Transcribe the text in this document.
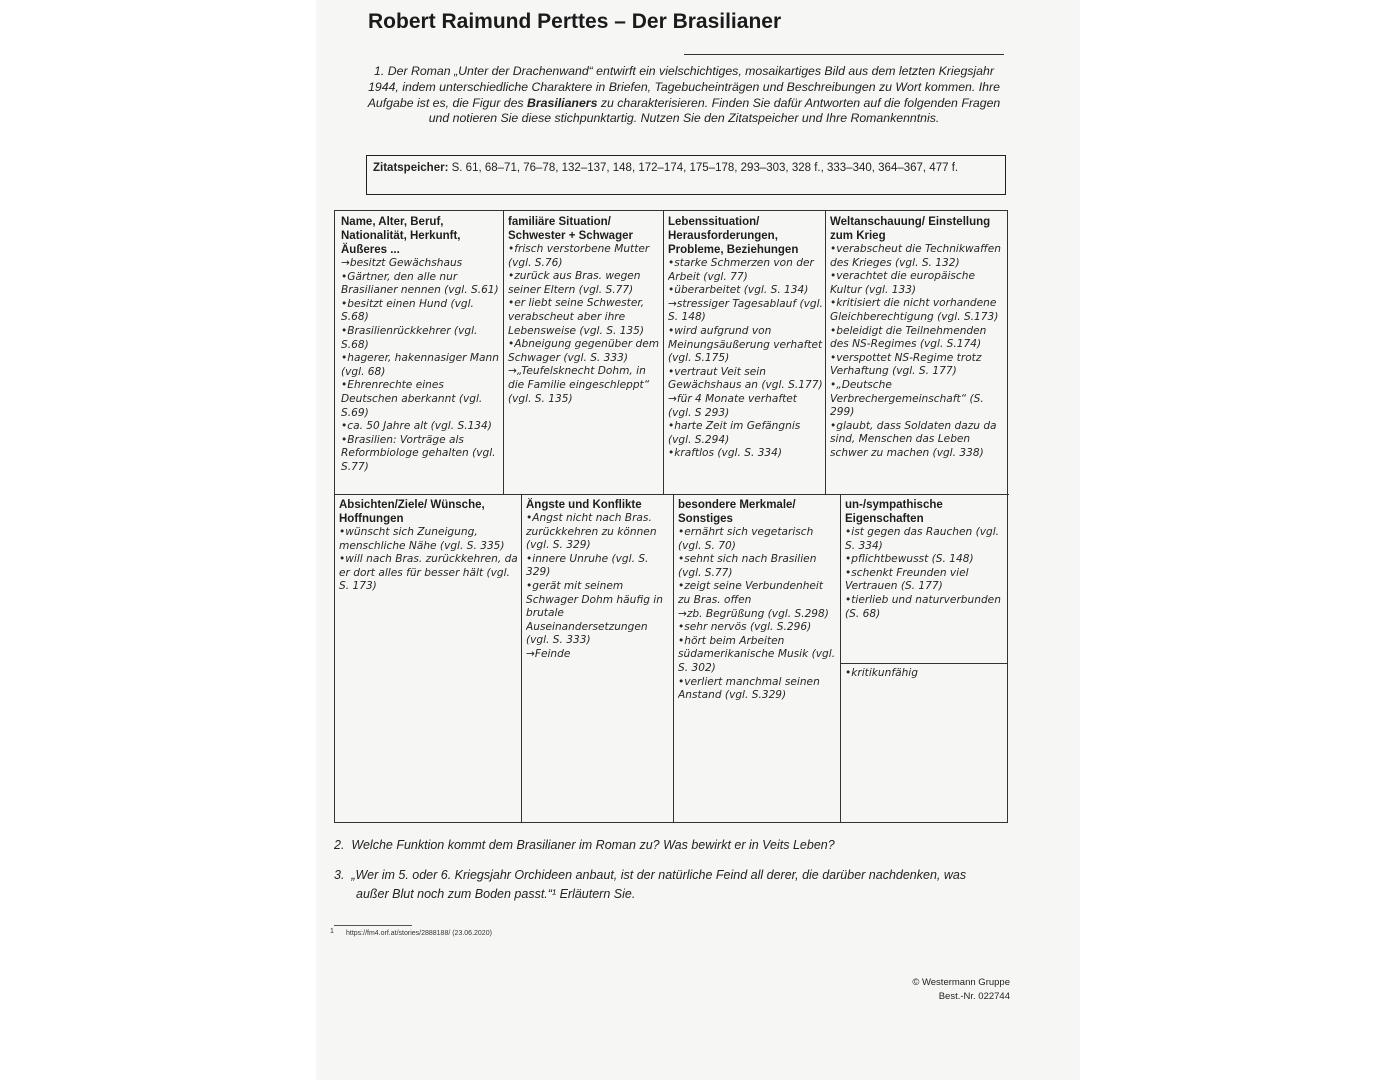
Robert Raimund Perttes – Der Brasilianer
1. Der Roman „Unter der Drachenwand“ entwirft ein vielschichtiges, mosaikartiges Bild aus dem letzten Kriegsjahr 1944, indem unterschiedliche Charaktere in Briefen, Tagebucheinträgen und Beschreibungen zu Wort kommen. Ihre Aufgabe ist es, die Figur des Brasilianers zu charakterisieren. Finden Sie dafür Antworten auf die folgenden Fragen und notieren Sie diese stichpunktartig. Nutzen Sie den Zitatspeicher und Ihre Romankenntnis.
Zitatspeicher: S. 61, 68–71, 76–78, 132–137, 148, 172–174, 175–178, 293–303, 328 f., 333–340, 364–367, 477 f.

Name, Alter, Beruf, Nationalität, Herkunft, Äußeres ...

→besitzt Gewächshaus
•Gärtner, den alle nur Brasilianer nennen (vgl. S.61)
•besitzt einen Hund (vgl. S.68)
•Brasilienrückkehrer (vgl. S.68)
•hagerer, hakennasiger Mann (vgl. 68)
•Ehrenrechte eines Deutschen aberkannt (vgl. S.69)
•ca. 50 Jahre alt (vgl. S.134)
•Brasilien: Vorträge als Reformbiologe gehalten (vgl. S.77)

familiäre Situation/ Schwester + Schwager

•frisch verstorbene Mutter (vgl. S.76)
•zurück aus Bras. wegen seiner Eltern (vgl. S.77)
•er liebt seine Schwester, verabscheut aber ihre Lebensweise (vgl. S. 135)
•Abneigung gegenüber dem Schwager (vgl. S. 333)
→„Teufelsknecht Dohm, in die Familie eingeschleppt“ (vgl. S. 135)

Lebenssituation/ Herausforderungen, Probleme, Beziehungen

•starke Schmerzen von der Arbeit (vgl. 77)
•überarbeitet (vgl. S. 134)
→stressiger Tagesablauf (vgl. S. 148)
•wird aufgrund von Meinungsäußerung verhaftet (vgl. S.175)
•vertraut Veit sein Gewächshaus an (vgl. S.177)
→für 4 Monate verhaftet (vgl. S 293)
•harte Zeit im Gefängnis (vgl. S.294)
•kraftlos (vgl. S. 334)

Weltanschauung/ Einstellung zum Krieg

•verabscheut die Technikwaffen des Krieges (vgl. S. 132)
•verachtet die europäische Kultur (vgl. 133)
•kritisiert die nicht vorhandene Gleichberechtigung (vgl. S.173)
•beleidigt die Teilnehmenden des NS-Regimes (vgl. S.174)
•verspottet NS-Regime trotz Verhaftung (vgl. S. 177)
•„Deutsche Verbrechergemeinschaft“ (S. 299)
•glaubt, dass Soldaten dazu da sind, Menschen das Leben schwer zu machen (vgl. 338)

Absichten/Ziele/ Wünsche, Hoffnungen

•wünscht sich Zuneigung, menschliche Nähe (vgl. S. 335)
•will nach Bras. zurückkehren, da er dort alles für besser hält (vgl. S. 173)

Ängste und Konflikte

•Angst nicht nach Bras. zurückkehren zu können (vgl. S. 329)
•innere Unruhe (vgl. S. 329)
•gerät mit seinem Schwager Dohm häufig in brutale Auseinandersetzungen (vgl. S. 333)
→Feinde

besondere Merkmale/ Sonstiges

•ernährt sich vegetarisch (vgl. S. 70)
•sehnt sich nach Brasilien (vgl. S.77)
•zeigt seine Verbundenheit zu Bras. offen
→zb. Begrüßung (vgl. S.298)
•sehr nervös (vgl. S.296)
•hört beim Arbeiten südamerikanische Musik (vgl. S. 302)
•verliert manchmal seinen Anstand (vgl. S.329)

un-/sympathische Eigenschaften

•ist gegen das Rauchen (vgl. S. 334)
•pflichtbewusst (S. 148)
•schenkt Freunden viel Vertrauen (S. 177)
•tierlieb und naturverbunden (S. 68)
•kritikunfähig
2. Welche Funktion kommt dem Brasilianer im Roman zu? Was bewirkt er in Veits Leben?
3. „Wer im 5. oder 6. Kriegsjahr Orchideen anbaut, ist der natürliche Feind all derer, die darüber nachdenken, was außer Blut noch zum Boden passt.“¹ Erläutern Sie.
1 https://fm4.orf.at/stories/2888188/ (23.06.2020)
© Westermann Gruppe
Best.-Nr. 022744
